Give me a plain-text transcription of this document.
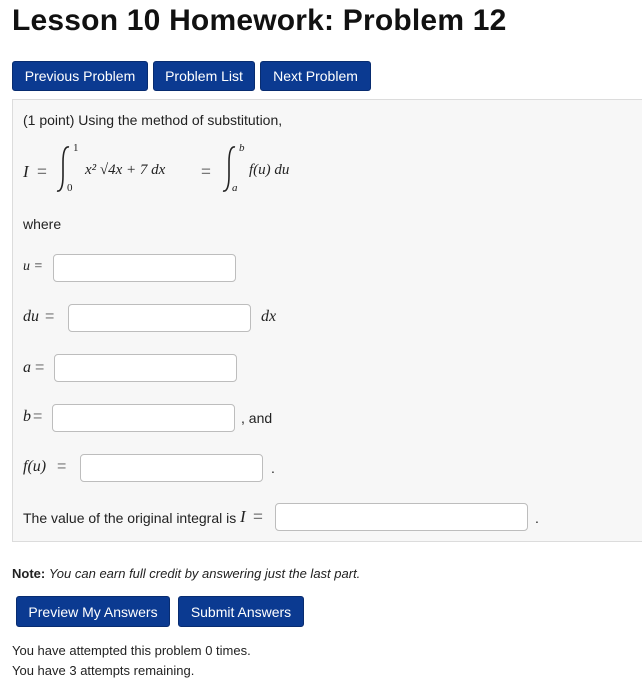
Lesson 10 Homework: Problem 12
Previous Problem	Problem List	Next Problem
(1 point) Using the method of substitution,
I =
1
0
x² √4x + 7 dx =
b
a
f(u) du
where
u =
du =	dx
a =
b =	, and
f(u) =	.
The value of the original integral is I =	.
Note: You can earn full credit by answering just the last part.
Preview My Answers	Submit Answers
You have attempted this problem 0 times.
You have 3 attempts remaining.
